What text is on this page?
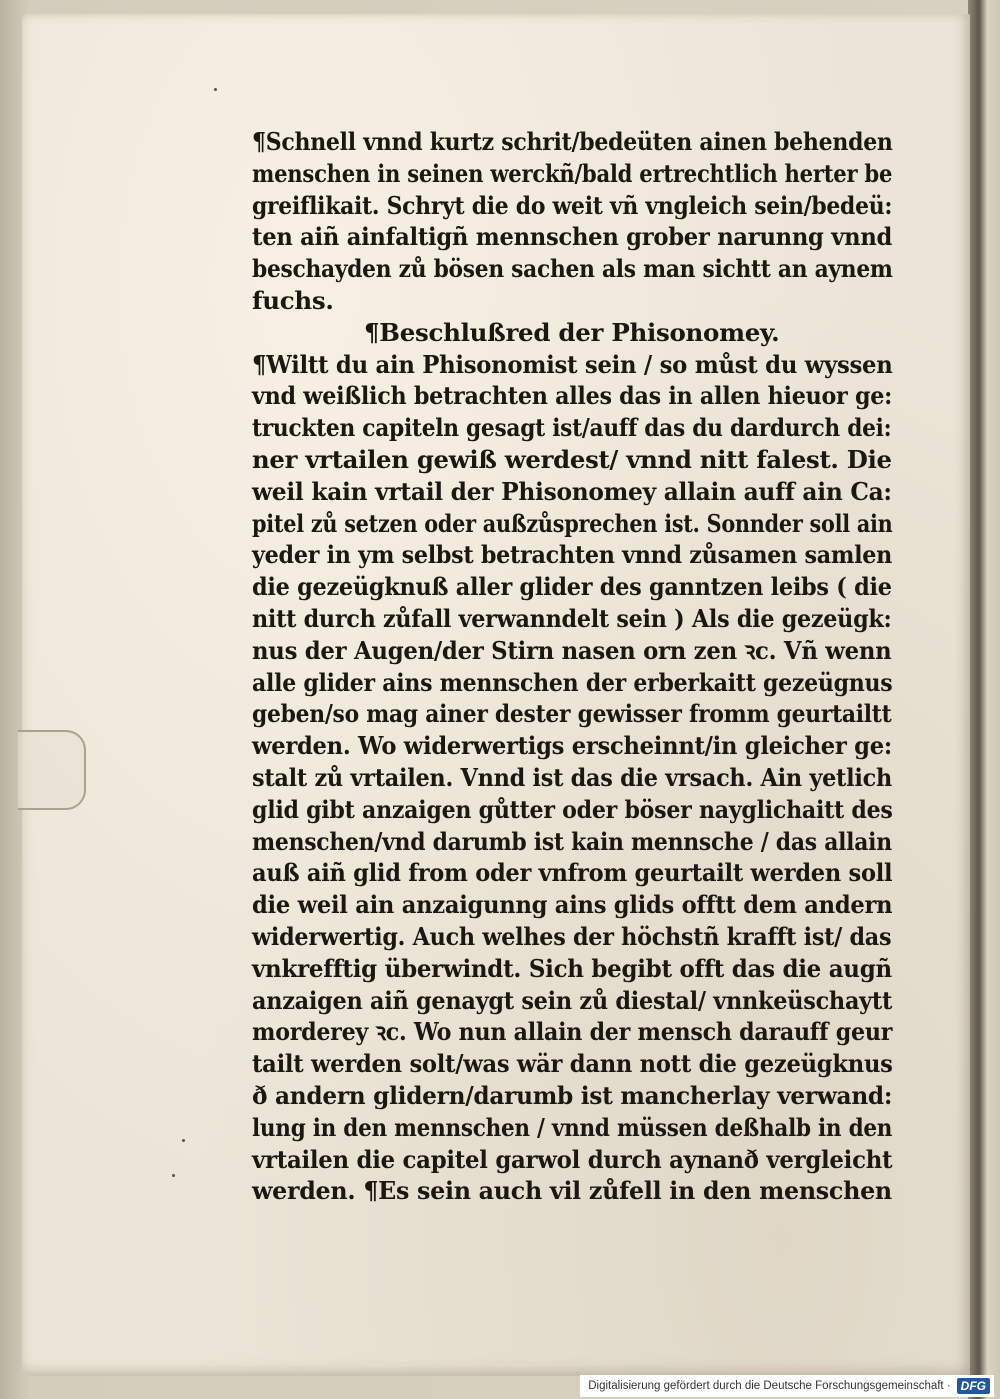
¶Schnell vnnd kurtz schrit/bedeüten ainen behenden
menschen in seinen werckñ/bald ertrechtlich herter be
greiflikait. Schryt die do weit vñ vngleich sein/bedeü:
ten aiñ ainfaltigñ mennschen grober narunng vnnd
beschayden zů bösen sachen als man sichtt an aynem
fuchs.
¶Beschlußred der Phisonomey.
¶Wiltt du ain Phisonomist sein / so můst du wyssen
vnd weißlich betrachten alles das in allen hieuor ge:
truckten capiteln gesagt ist/auff das du dardurch dei:
ner vrtailen gewiß werdest/ vnnd nitt falest. Die
weil kain vrtail der Phisonomey allain auff ain Ca:
pitel zů setzen oder außzůsprechen ist. Sonnder soll ain
yeder in ym selbst betrachten vnnd zůsamen samlen
die gezeügknuß aller glider des ganntzen leibs ( die
nitt durch zůfall verwanndelt sein ) Als die gezeügk:
nus der Augen/der Stirn nasen orn zen ꝛc. Vñ wenn
alle glider ains mennschen der erberkaitt gezeügnus
geben/so mag ainer dester gewisser fromm geurtailtt
werden. Wo widerwertigs erscheinnt/in gleicher ge:
stalt zů vrtailen. Vnnd ist das die vrsach. Ain yetlich
glid gibt anzaigen gůtter oder böser nayglichaitt des
menschen/vnd darumb ist kain mennsche / das allain
auß aiñ glid from oder vnfrom geurtailt werden soll
die weil ain anzaigunng ains glids offtt dem andern
widerwertig. Auch welhes der höchstñ krafft ist/ das
vnkrefftig überwindt. Sich begibt offt das die augñ
anzaigen aiñ genaygt sein zů diestal/ vnnkeüschaytt
morderey ꝛc. Wo nun allain der mensch darauff geur
tailt werden solt/was wär dann nott die gezeügknus
ð andern glidern/darumb ist mancherlay verwand:
lung in den mennschen / vnnd müssen deßhalb in den
vrtailen die capitel garwol durch aynanð vergleicht
werden. ¶Es sein auch vil zůfell in den menschen
Digitalisierung gefördert durch die Deutsche Forschungsgemeinschaft · DFG
